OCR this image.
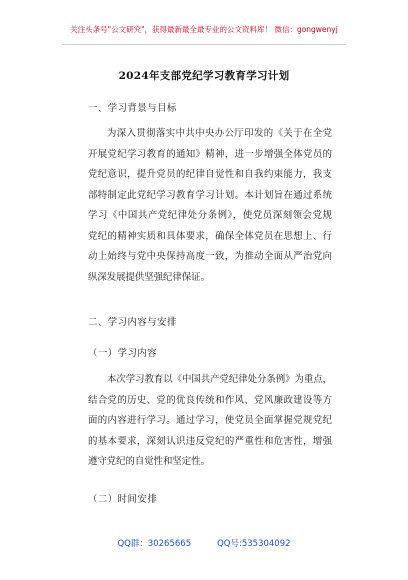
关注头条号"公文研究"，获得最新最全最专业的公文资料库！ 微信：gongwenyj
2024年支部党纪学习教育学习计划
一、学习背景与目标
为深入贯彻落实中共中央办公厅印发的《关于在全党
开展党纪学习教育的通知》精神，进一步增强全体党员的
党纪意识，提升党员的纪律自觉性和自我约束能力，我支
部特制定此党纪学习教育学习计划。本计划旨在通过系统
学习《中国共产党纪律处分条例》，使党员深刻领会党规
党纪的精神实质和具体要求，确保全体党员在思想上、行
动上始终与党中央保持高度一致，为推动全面从严治党向
纵深发展提供坚强纪律保证。
二、学习内容与安排
（一）学习内容
本次学习教育以《中国共产党纪律处分条例》为重点，
结合党的历史、党的优良传统和作风、党风廉政建设等方
面的内容进行学习。通过学习，使党员全面掌握党规党纪
的基本要求，深刻认识违反党纪的严重性和危害性，增强
遵守党纪的自觉性和坚定性。
（二）时间安排
QQ群：30265665	QQ号:535304092
